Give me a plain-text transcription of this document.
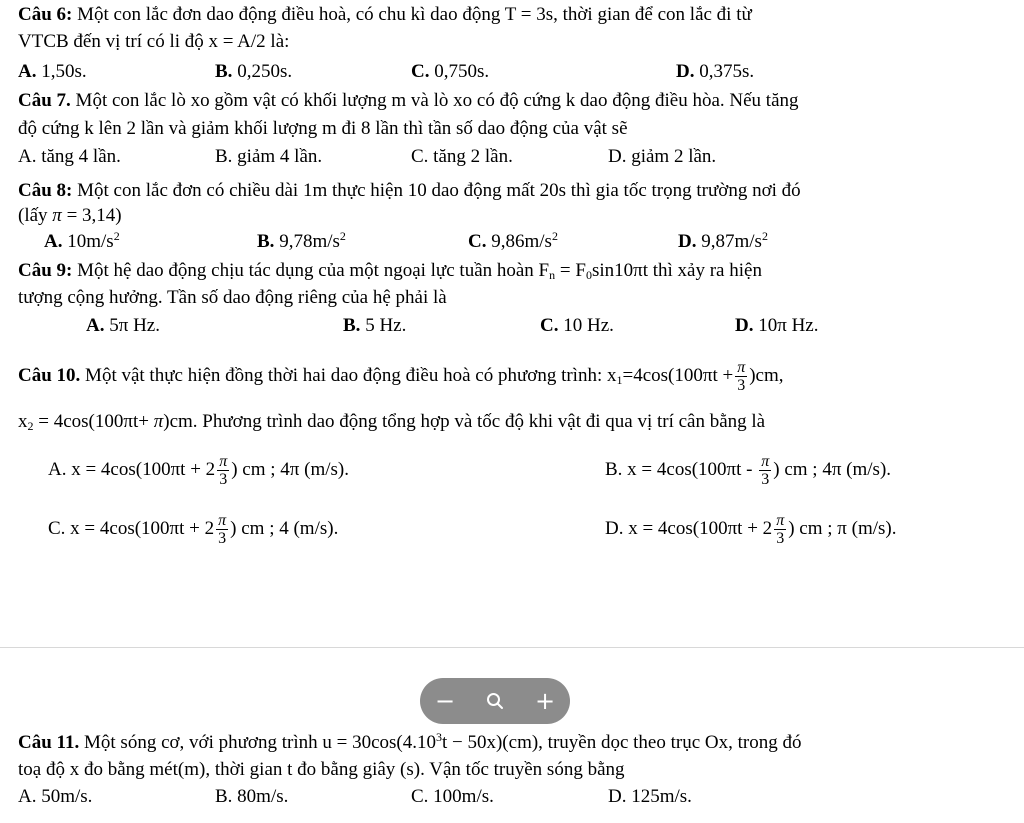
Câu 6: Một con lắc đơn dao động điều hoà, có chu kì dao động T = 3s, thời gian để con lắc đi từ
VTCB đến vị trí có li độ x = A/2 là:
A. 1,50s.	B. 0,250s.	C. 0,750s.	D. 0,375s.
Câu 7. Một con lắc lò xo gồm vật có khối lượng m và lò xo có độ cứng k dao động điều hòa. Nếu tăng
độ cứng k lên 2 lần và giảm khối lượng m đi 8 lần thì tần số dao động của vật sẽ
A. tăng 4 lần.	B. giảm 4 lần.	C. tăng 2 lần.	D. giảm 2 lần.
Câu 8: Một con lắc đơn có chiều dài 1m thực hiện 10 dao động mất 20s thì gia tốc trọng trường nơi đó
(lấy π = 3,14)
A. $10m/s^2$	B. $9,78m/s^2$	C. $9,86m/s^2$	D. $9,87m/s^2$
Câu 9: Một hệ dao động chịu tác dụng của một ngoại lực tuần hoàn $F_n = F_0\sin 10\pi t$ thì xảy ra hiện
tượng cộng hưởng. Tần số dao động riêng của hệ phải là
A. 5π Hz.	B. 5 Hz.	C. 10 Hz.	D. 10π Hz.
Câu 10. Một vật thực hiện đồng thời hai dao động điều hoà có phương trình: $x_1=4\cos(100\pi t + \frac{\pi}{3} )cm$,
$x_2 = 4\cos(100\pi t+ \pi)cm$. Phương trình dao động tổng hợp và tốc độ khi vật đi qua vị trí cân bằng là
A. $x = 4\cos(100\pi t + 2 \frac{\pi}{3}$ ) cm ; 4π (m/s).	B. $x = 4\cos(100\pi t - \frac{\pi}{3}$ ) cm ; 4π (m/s).
C. $x = 4\cos(100\pi t + 2 \frac{\pi}{3}$ ) cm ; 4 (m/s).	D. $x = 4\cos(100\pi t + 2 \frac{\pi}{3}$ ) cm ; π (m/s).
−	+
Câu 11. Một sóng cơ, với phương trình $u = 30\cos(4.10^3t - 50x)(cm)$, truyền dọc theo trục Ox, trong đó
toạ độ x đo bằng mét(m), thời gian t đo bằng giây (s). Vận tốc truyền sóng bằng
A. 50m/s.	B. 80m/s.	C. 100m/s.	D. 125m/s.
